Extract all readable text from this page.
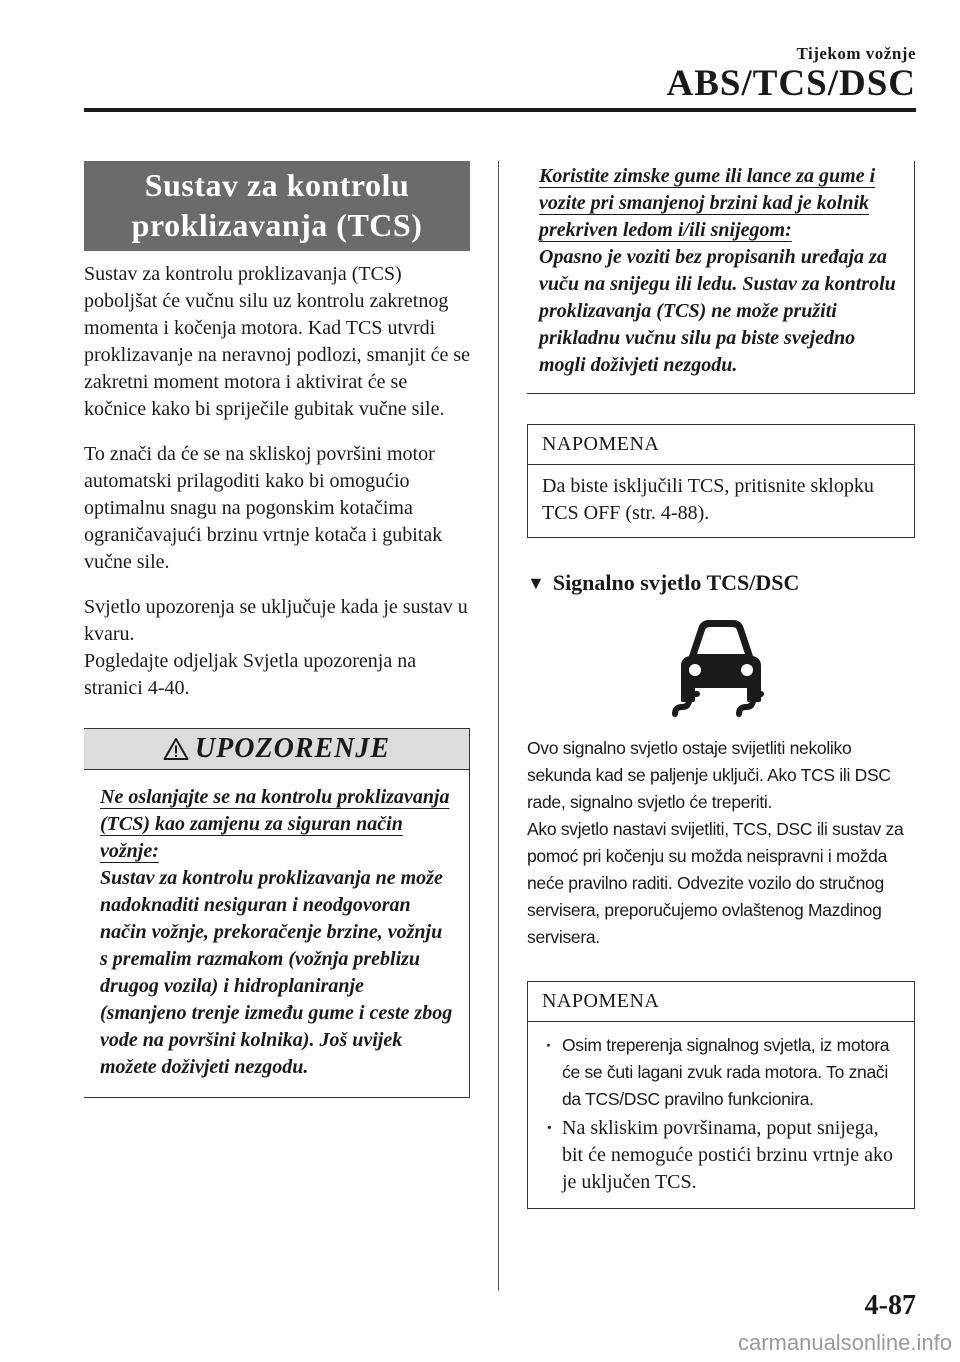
Tijekom vožnje
ABS/TCS/DSC
Sustav za kontrolu proklizavanja (TCS)

Sustav za kontrolu proklizavanja (TCS) poboljšat će vučnu silu uz kontrolu zakretnog momenta i kočenja motora. Kad TCS utvrdi proklizavanje na neravnoj podlozi, smanjit će se zakretni moment motora i aktivirat će se kočnice kako bi spriječile gubitak vučne sile.

To znači da će se na skliskoj površini motor automatski prilagoditi kako bi omogućio optimalnu snagu na pogonskim kotačima ograničavajući brzinu vrtnje kotača i gubitak vučne sile.

Svjetlo upozorenja se uključuje kada je sustav u kvaru.

Pogledajte odjeljak Svjetla upozorenja na stranici 4-40.

UPOZORENJE

Ne oslanjajte se na kontrolu proklizavanja (TCS) kao zamjenu za siguran način vožnje:

Sustav za kontrolu proklizavanja ne može nadoknaditi nesiguran i neodgovoran način vožnje, prekoračenje brzine, vožnju s premalim razmakom (vožnja preblizu drugog vozila) i hidroplaniranje (smanjeno trenje između gume i ceste zbog vode na površini kolnika). Još uvijek možete doživjeti nezgodu.

Koristite zimske gume ili lance za gume i vozite pri smanjenoj brzini kad je kolnik prekriven ledom i/ili snijegom:

Opasno je voziti bez propisanih uređaja za vuču na snijegu ili ledu. Sustav za kontrolu proklizavanja (TCS) ne može pružiti prikladnu vučnu silu pa biste svejedno mogli doživjeti nezgodu.

NAPOMENA
Da biste isključili TCS, pritisnite sklopku TCS OFF (str. 4-88).
▼ Signalno svjetlo TCS/DSC

Ovo signalno svjetlo ostaje svijetliti nekoliko sekunda kad se paljenje uključi. Ako TCS ili DSC rade, signalno svjetlo će treperiti.

Ako svjetlo nastavi svijetliti, TCS, DSC ili sustav za pomoć pri kočenju su možda neispravni i možda neće pravilno raditi. Odvezite vozilo do stručnog servisera, preporučujemo ovlaštenog Mazdinog servisera.

NAPOMENA
· Osim treperenja signalnog svjetla, iz motora će se čuti lagani zvuk rada motora. To znači da TCS/DSC pravilno funkcionira.
· Na skliskim površinama, poput snijega, bit će nemoguće postići brzinu vrtnje ako je uključen TCS.
4-87
carmanualsonline.info
